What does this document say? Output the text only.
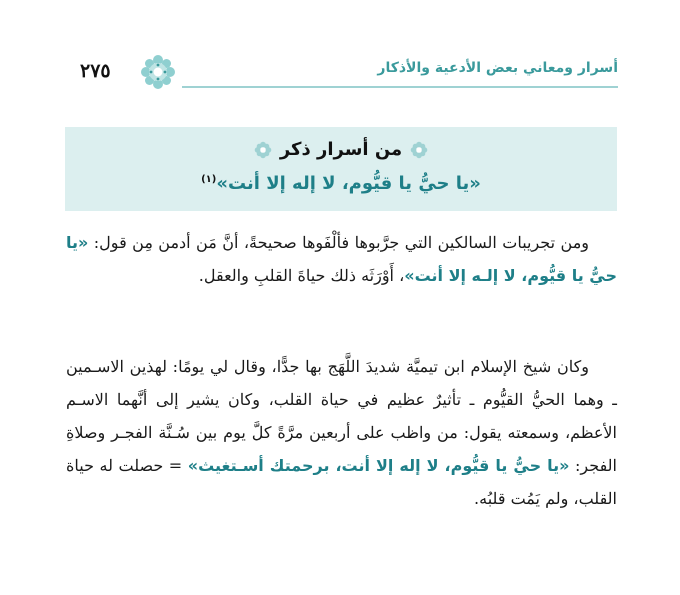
أسرار ومعاني بعض الأدعية والأذكار
٢٧٥
من أسرار ذكر
«يا حيُّ يا قيُّوم، لا إله إلا أنت»$^{(١)}$
ومن تجريبات السالكين التي جرَّبوها فألْفَوها صحيحةً، أنَّ مَن أدمن مِن قول: «يا حيُّ يا قيُّوم، لا إلـه إلا أنت»، أَوْرَثَه ذلك حياةَ القلبِ والعقل.
وكان شيخ الإسلام ابن تيميَّة شديدَ اللَّهَج بها جدًّا، وقال لي يومًا: لهذين الاسـمين ـ وهما الحيُّ القيُّوم ـ تأثيرٌ عظيم في حياة القلب، وكان يشير إلى أنَّهما الاسـم الأعظم، وسمعته يقول: من واظب على أربعين مرَّةً كلَّ يوم بين سُـنَّة الفجـر وصلاةِ الفجر: «يا حيُّ يا قيُّوم، لا إله إلا أنت، برحمتك أسـتغيث» = حصلت له حياة القلب، ولم يَمُت قلبُه.
